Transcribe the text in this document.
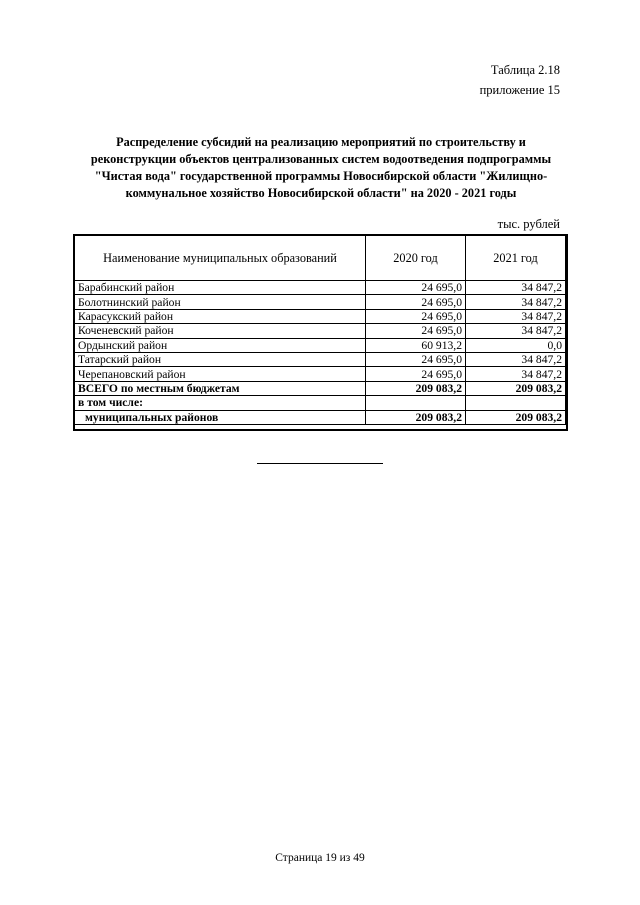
Таблица 2.18
приложение 15
Распределение субсидий на реализацию мероприятий по строительству и
реконструкции объектов централизованных систем водоотведения подпрограммы
"Чистая вода" государственной программы Новосибирской области "Жилищно-
коммунальное хозяйство Новосибирской области" на 2020 - 2021 годы
тыс. рублей
Наименование муниципальных образований	2020 год	2021 год
Барабинский район	24 695,0	34 847,2
Болотнинский район	24 695,0	34 847,2
Карасукский район	24 695,0	34 847,2
Коченевский район	24 695,0	34 847,2
Ордынский район	60 913,2	0,0
Татарский район	24 695,0	34 847,2
Черепановский район	24 695,0	34 847,2
ВСЕГО по местным бюджетам	209 083,2	209 083,2
в том числе:		
муниципальных районов	209 083,2	209 083,2
Страница 19 из 49
